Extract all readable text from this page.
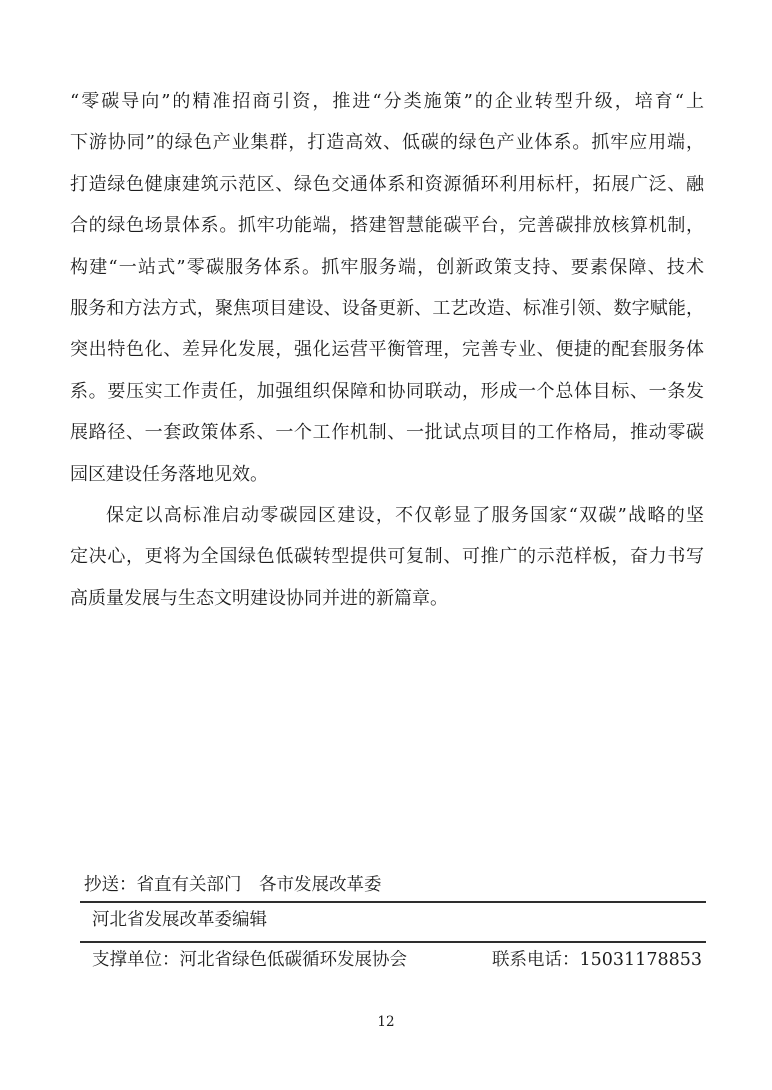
“零碳导向”的精准招商引资，推进“分类施策”的企业转型升级，培育“上
下游协同”的绿色产业集群，打造高效、低碳的绿色产业体系。抓牢应用端，
打造绿色健康建筑示范区、绿色交通体系和资源循环利用标杆，拓展广泛、融
合的绿色场景体系。抓牢功能端，搭建智慧能碳平台，完善碳排放核算机制，
构建“一站式”零碳服务体系。抓牢服务端，创新政策支持、要素保障、技术
服务和方法方式，聚焦项目建设、设备更新、工艺改造、标准引领、数字赋能，
突出特色化、差异化发展，强化运营平衡管理，完善专业、便捷的配套服务体
系。要压实工作责任，加强组织保障和协同联动，形成一个总体目标、一条发
展路径、一套政策体系、一个工作机制、一批试点项目的工作格局，推动零碳
园区建设任务落地见效。
保定以高标准启动零碳园区建设，不仅彰显了服务国家“双碳”战略的坚
定决心，更将为全国绿色低碳转型提供可复制、可推广的示范样板，奋力书写
高质量发展与生态文明建设协同并进的新篇章。
抄送：省直有关部门　各市发展改革委
河北省发展改革委编辑
支撑单位：河北省绿色低碳循环发展协会	联系电话：15031178853
12
